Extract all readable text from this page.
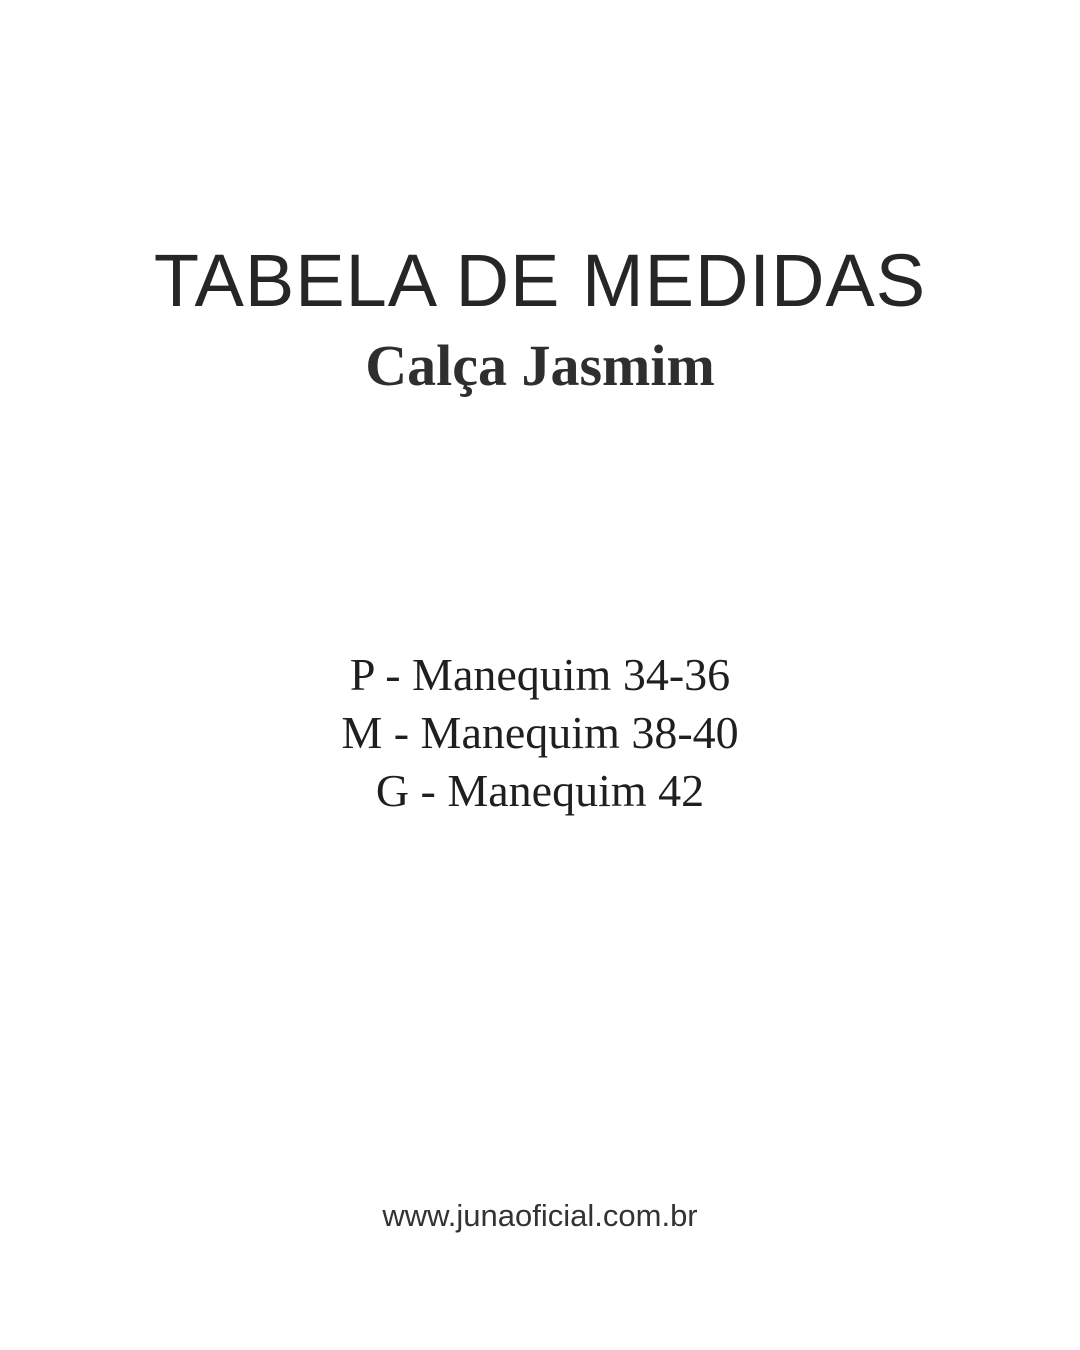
TABELA DE MEDIDAS
Calça Jasmim
P - Manequim 34-36
M - Manequim 38-40
G - Manequim 42
www.junaoficial.com.br
